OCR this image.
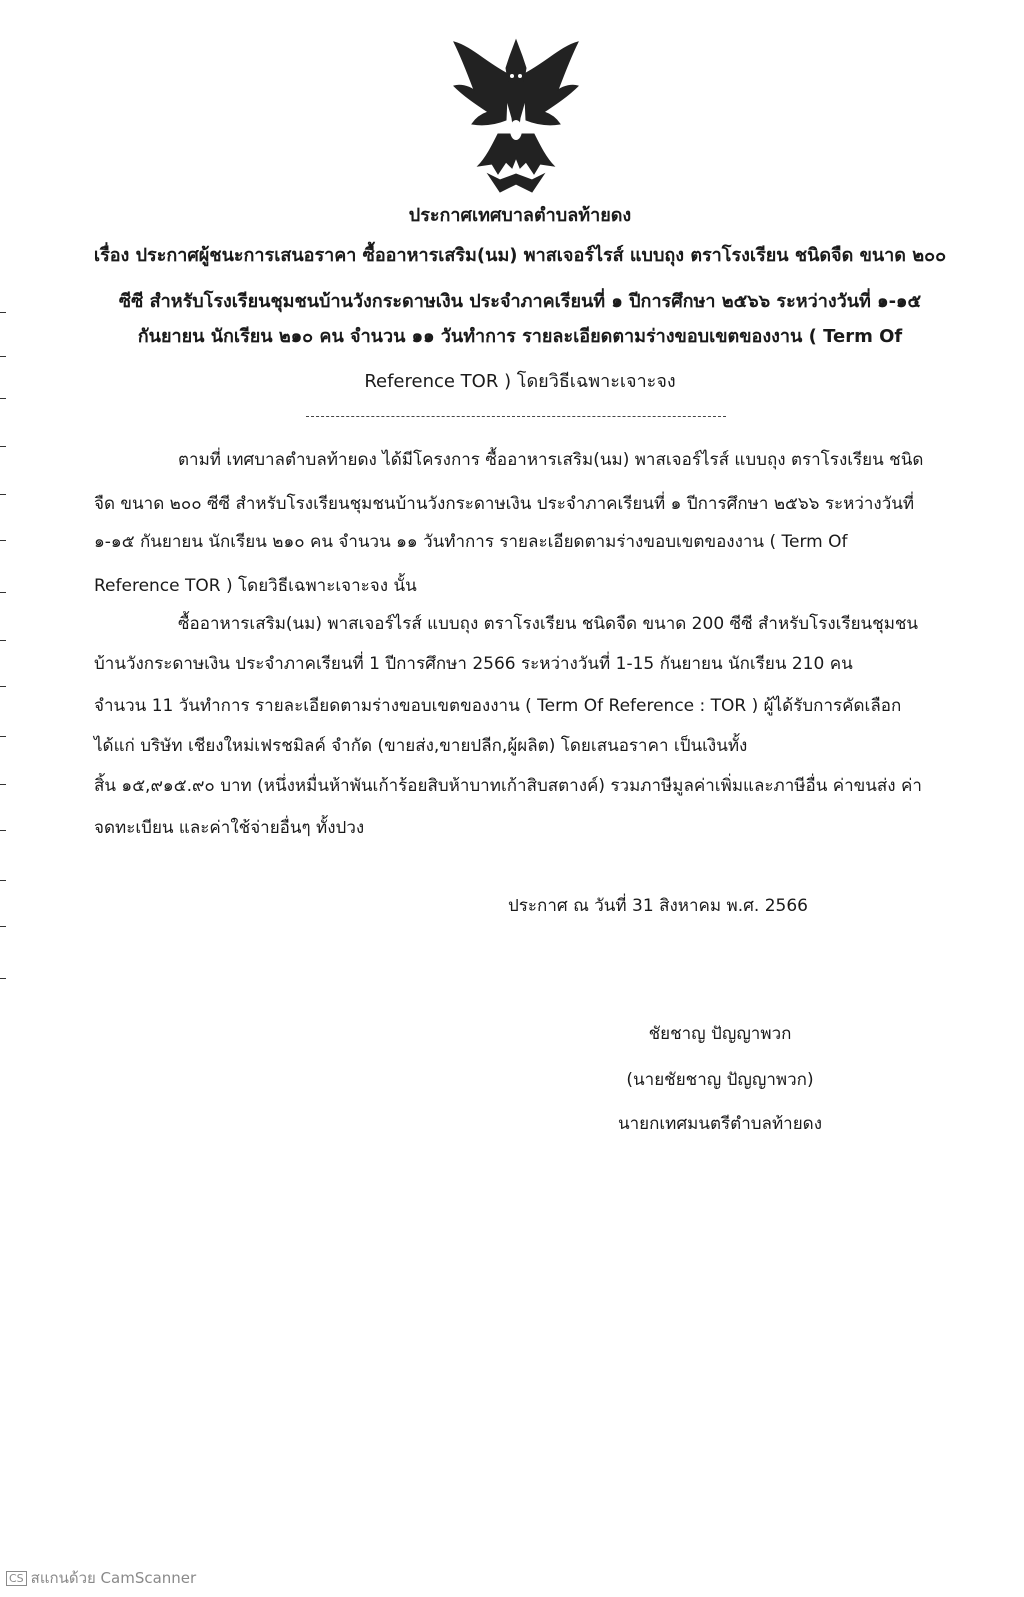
ประกาศเทศบาลตำบลท้ายดง
เรื่อง ประกาศผู้ชนะการเสนอราคา ซื้ออาหารเสริม(นม) พาสเจอร์ไรส์ แบบถุง ตราโรงเรียน ชนิดจืด ขนาด ๒๐๐
ซีซี สำหรับโรงเรียนชุมชนบ้านวังกระดาษเงิน ประจำภาคเรียนที่ ๑ ปีการศึกษา ๒๕๖๖ ระหว่างวันที่ ๑-๑๕
กันยายน นักเรียน ๒๑๐ คน จำนวน ๑๑ วันทำการ รายละเอียดตามร่างขอบเขตของงาน ( Term Of
Reference TOR ) โดยวิธีเฉพาะเจาะจง
ตามที่ เทศบาลตำบลท้ายดง ได้มีโครงการ ซื้ออาหารเสริม(นม) พาสเจอร์ไรส์ แบบถุง ตราโรงเรียน ชนิด
จืด ขนาด ๒๐๐ ซีซี สำหรับโรงเรียนชุมชนบ้านวังกระดาษเงิน ประจำภาคเรียนที่ ๑ ปีการศึกษา ๒๕๖๖ ระหว่างวันที่
๑-๑๕ กันยายน นักเรียน ๒๑๐ คน จำนวน ๑๑ วันทำการ รายละเอียดตามร่างขอบเขตของงาน ( Term Of
Reference TOR ) โดยวิธีเฉพาะเจาะจง นั้น
ซื้ออาหารเสริม(นม) พาสเจอร์ไรส์ แบบถุง ตราโรงเรียน ชนิดจืด ขนาด 200 ซีซี สำหรับโรงเรียนชุมชน
บ้านวังกระดาษเงิน ประจำภาคเรียนที่ 1 ปีการศึกษา 2566 ระหว่างวันที่ 1-15 กันยายน นักเรียน 210 คน
จำนวน 11 วันทำการ รายละเอียดตามร่างขอบเขตของงาน ( Term Of Reference : TOR ) ผู้ได้รับการคัดเลือก
ได้แก่ บริษัท เชียงใหม่เฟรชมิลค์ จำกัด (ขายส่ง,ขายปลีก,ผู้ผลิต) โดยเสนอราคา เป็นเงินทั้ง
สิ้น ๑๕,๙๑๕.๙๐ บาท (หนึ่งหมื่นห้าพันเก้าร้อยสิบห้าบาทเก้าสิบสตางค์) รวมภาษีมูลค่าเพิ่มและภาษีอื่น ค่าขนส่ง ค่า
จดทะเบียน และค่าใช้จ่ายอื่นๆ ทั้งปวง
ประกาศ ณ วันที่ 31 สิงหาคม พ.ศ. 2566
ชัยชาญ ปัญญาพวก
(นายชัยชาญ ปัญญาพวก)
นายกเทศมนตรีตำบลท้ายดง
CS สแกนด้วย CamScanner
